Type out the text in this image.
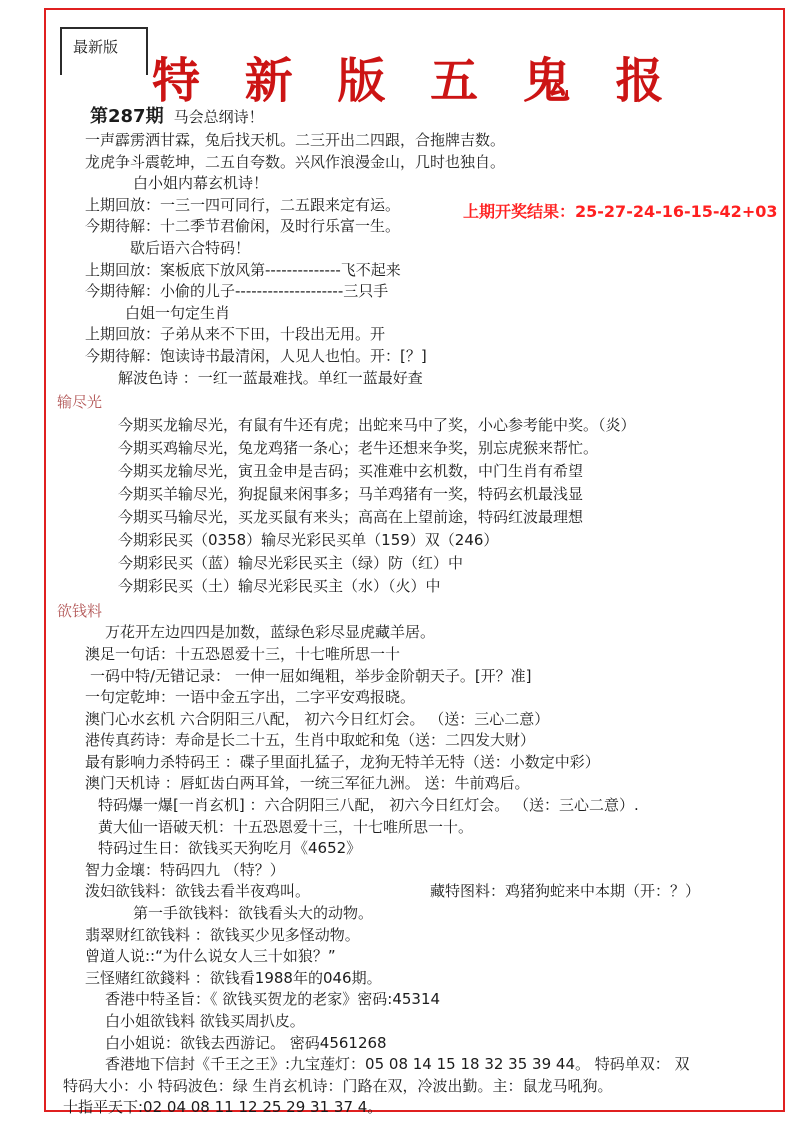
最新版
特 新 版 五 鬼 报
上期开奖结果：25-27-24-16-15-42+03
第287期 马会总纲诗！
一声霹雳洒甘霖，兔后找天机。二三开出二四跟，合拖牌吉数。
龙虎争斗震乾坤，二五自夸数。兴风作浪漫金山，几时也独自。
白小姐内幕玄机诗！
上期回放：一三一四可同行，二五跟来定有运。
今期待解：十二季节君偷闲，及时行乐富一生。
歇后语六合特码！
上期回放：案板底下放风第--------------飞不起来
今期待解：小偷的儿子--------------------三只手
白姐一句定生肖
上期回放：子弟从来不下田，十段出无用。开
今期待解：饱读诗书最清闲，人见人也怕。开：[？]
解波色诗 ：一红一蓝最难找。单红一蓝最好查
输尽光
今期买龙输尽光，有鼠有牛还有虎；出蛇来马中了奖，小心参考能中奖。（炎）
今期买鸡输尽光，兔龙鸡猪一条心；老牛还想来争奖，别忘虎猴来帮忙。
今期买龙输尽光，寅丑金申是吉码；买准难中玄机数，中门生肖有希望
今期买羊输尽光，狗捉鼠来闲事多；马羊鸡猪有一奖，特码玄机最浅显
今期买马输尽光，买龙买鼠有来头；高高在上望前途，特码红波最理想
今期彩民买（0358）输尽光彩民买单（159）双（246）
今期彩民买（蓝）输尽光彩民买主（绿）防（红）中
今期彩民买（土）输尽光彩民买主（水）（火）中
欲钱料
万花开左边四四是加数，蓝绿色彩尽显虎藏羊居。
澳足一句话：十五恐恩爱十三，十七唯所思一十
一码中特/无错记录： 一伸一屈如绳粗，举步金阶朝天子。[开？准]
一句定乾坤：一语中金五字出，二字平安鸡报晓。
澳门心水玄机 六合阴阳三八配， 初六今日红灯会。 （送：三心二意）
港传真药诗：寿命是长二十五，生肖中取蛇和兔（送：二四发大财）
最有影响力杀特码王 ：碟子里面扎猛子，龙狗无特羊无特（送：小数定中彩）
澳门天机诗 ：唇虹齿白两耳耸，一统三军征九洲。 送：牛前鸡后。
特码爆一爆[一肖玄机] ：六合阴阳三八配， 初六今日红灯会。 （送：三心二意）.
黄大仙一语破天机：十五恐恩爱十三，十七唯所思一十。
特码过生日：欲钱买天狗吃月《4652》
智力金壤：特码四九 （特？）
泼妇欲钱料：欲钱去看半夜鸡叫。	藏特图料：鸡猪狗蛇来中本期（开：？）
第一手欲钱料：欲钱看头大的动物。
翡翠财红欲钱料 ：欲钱买少见多怪动物。
曾道人说::“为什么说女人三十如狼？”
三怪赌红欲錢料 ：欲钱看1988年的046期。
香港中特圣旨：《 欲钱买贺龙的老家》密码:45314
白小姐欲钱料 欲钱买周扒皮。
白小姐说：欲钱去西游记。 密码4561268
香港地下信封《千王之王》:九宝莲灯：05 08 14 15 18 32 35 39 44。 特码单双： 双
特码大小：小 特码波色：绿 生肖玄机诗：门路在双，冷波出勤。主：鼠龙马吼狗。
十指平天下:02 04 08 11 12 25 29 31 37 4。
